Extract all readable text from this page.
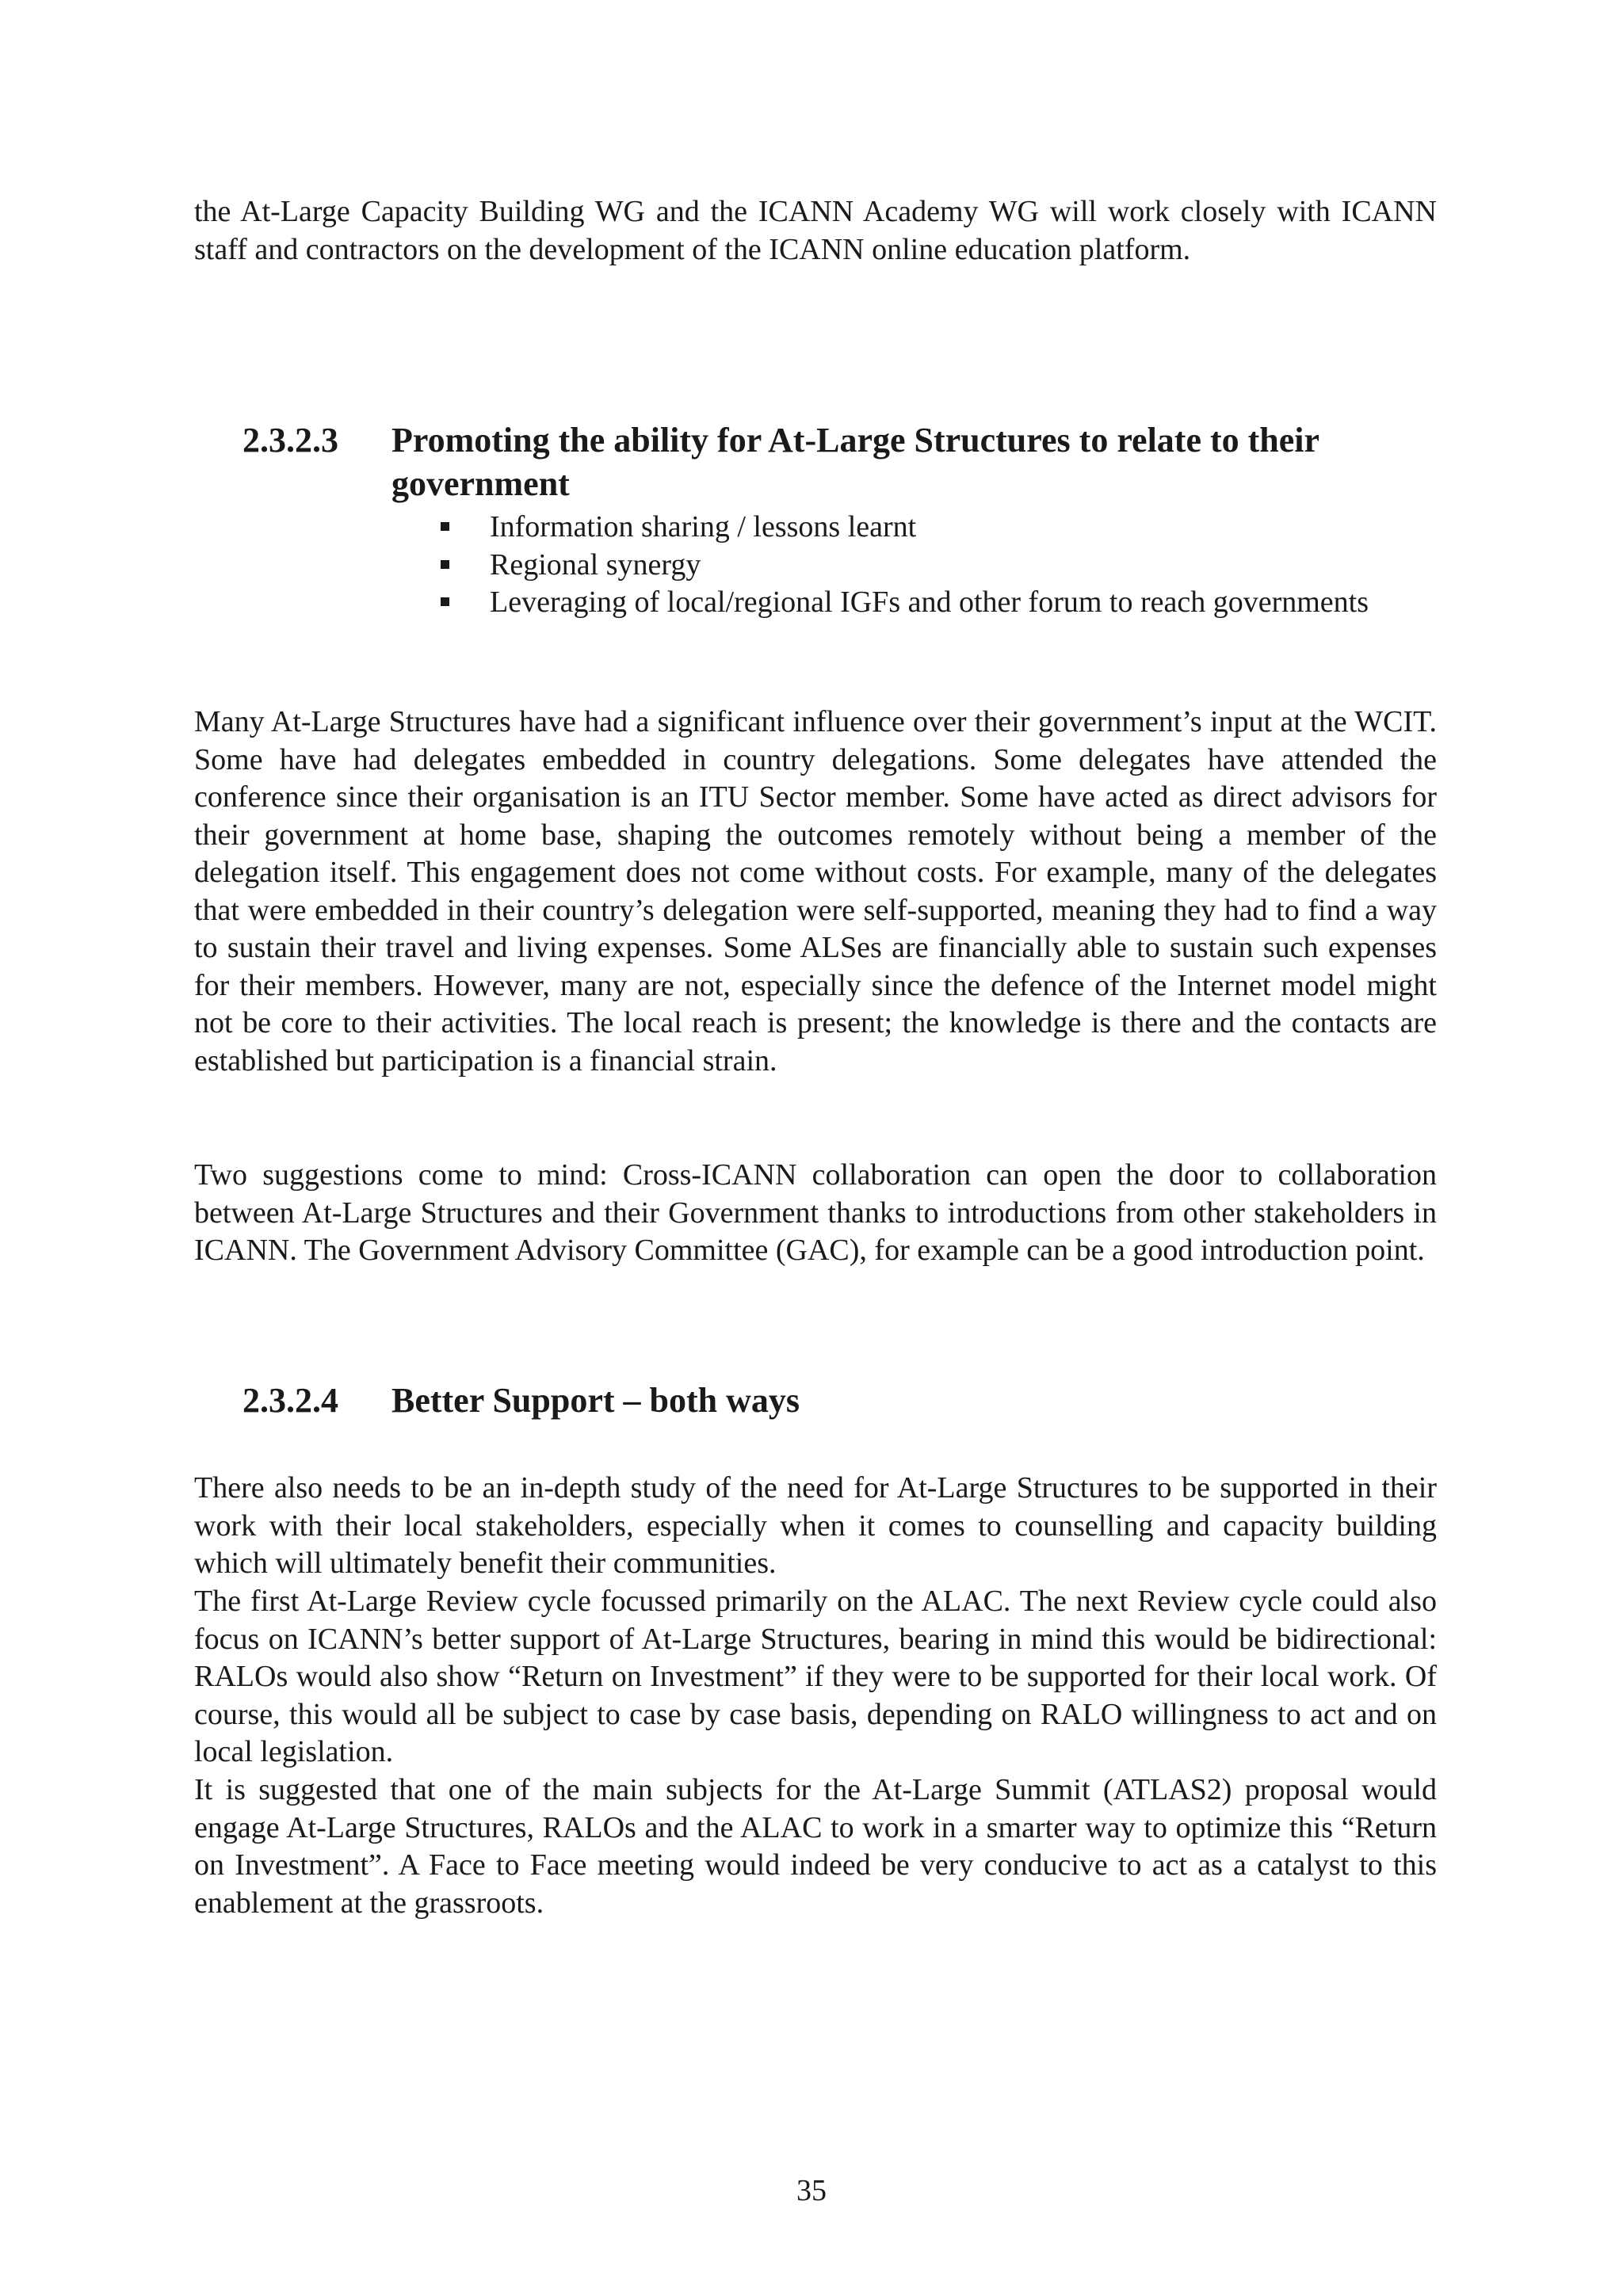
the At-Large Capacity Building WG and the ICANN Academy WG will work closely with ICANN staff and contractors on the development of the ICANN online education platform.

2.3.2.3 Promoting the ability for At-Large Structures to relate to their government
Information sharing / lessons learnt
Regional synergy
Leveraging of local/regional IGFs and other forum to reach governments

Many At-Large Structures have had a significant influence over their government’s input at the WCIT. Some have had delegates embedded in country delegations. Some delegates have attended the conference since their organisation is an ITU Sector member. Some have acted as direct advisors for their government at home base, shaping the outcomes remotely without being a member of the delegation itself. This engagement does not come without costs. For example, many of the delegates that were embedded in their country’s delegation were self-supported, meaning they had to find a way to sustain their travel and living expenses. Some ALSes are financially able to sustain such expenses for their members. However, many are not, especially since the defence of the Internet model might not be core to their activities. The local reach is present; the knowledge is there and the contacts are established but participation is a financial strain.

Two suggestions come to mind: Cross-ICANN collaboration can open the door to collaboration between At-Large Structures and their Government thanks to introductions from other stakeholders in ICANN. The Government Advisory Committee (GAC), for example can be a good introduction point.

2.3.2.4 Better Support – both ways

There also needs to be an in-depth study of the need for At-Large Structures to be supported in their work with their local stakeholders, especially when it comes to counselling and capacity building which will ultimately benefit their communities.

The first At-Large Review cycle focussed primarily on the ALAC. The next Review cycle could also focus on ICANN’s better support of At-Large Structures, bearing in mind this would be bidirectional: RALOs would also show “Return on Investment” if they were to be supported for their local work. Of course, this would all be subject to case by case basis, depending on RALO willingness to act and on local legislation.

It is suggested that one of the main subjects for the At-Large Summit (ATLAS2) proposal would engage At-Large Structures, RALOs and the ALAC to work in a smarter way to optimize this “Return on Investment”. A Face to Face meeting would indeed be very conducive to act as a catalyst to this enablement at the grassroots.

35
